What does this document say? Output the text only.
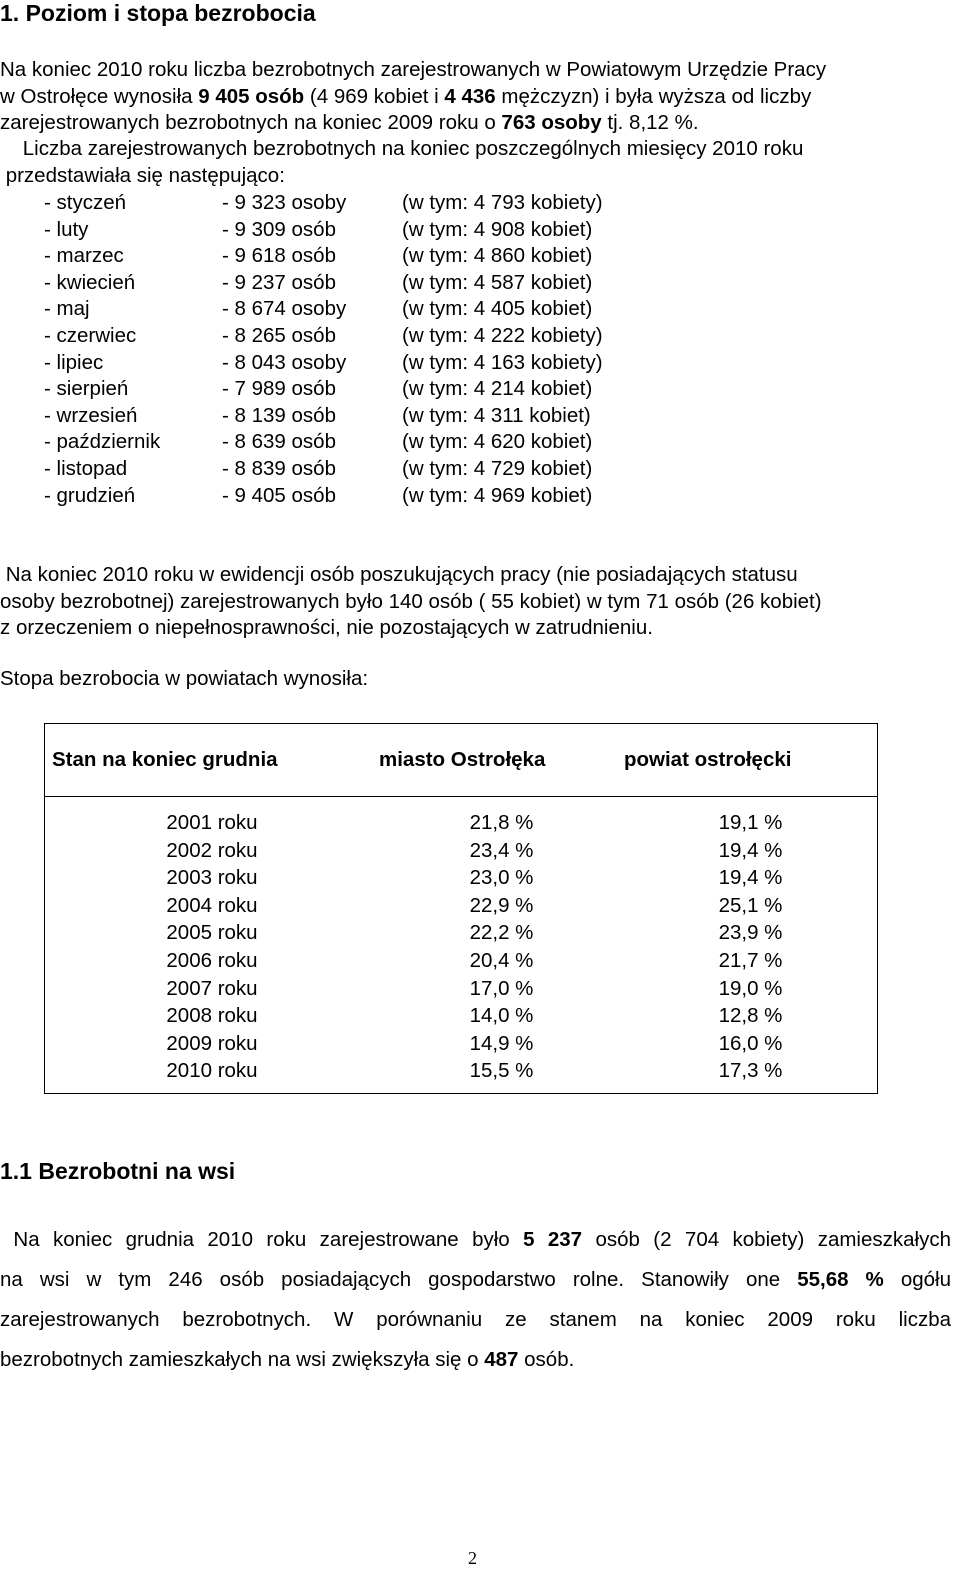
1. Poziom i stopa bezrobocia
Na koniec 2010 roku liczba bezrobotnych zarejestrowanych w Powiatowym Urzędzie Pracy
w Ostrołęce wynosiła 9 405 osób (4 969 kobiet i 4 436 mężczyzn) i była wyższa od liczby
zarejestrowanych bezrobotnych na koniec 2009 roku o 763 osoby tj. 8,12 %.
Liczba zarejestrowanych bezrobotnych na koniec poszczególnych miesięcy 2010 roku
przedstawiała się następująco:
- styczeń	- 9 323 osoby	(w tym: 4 793 kobiety)
- luty	- 9 309 osób	(w tym: 4 908 kobiet)
- marzec	- 9 618 osób	(w tym: 4 860 kobiet)
- kwiecień	- 9 237 osób	(w tym: 4 587 kobiet)
- maj	- 8 674 osoby	(w tym: 4 405 kobiet)
- czerwiec	- 8 265 osób	(w tym: 4 222 kobiety)
- lipiec	- 8 043 osoby	(w tym: 4 163 kobiety)
- sierpień	- 7 989 osób	(w tym: 4 214 kobiet)
- wrzesień	- 8 139 osób	(w tym: 4 311 kobiet)
- październik	- 8 639 osób	(w tym: 4 620 kobiet)
- listopad	- 8 839 osób	(w tym: 4 729 kobiet)
- grudzień	- 9 405 osób	(w tym: 4 969 kobiet)
Na koniec 2010 roku w ewidencji osób poszukujących pracy (nie posiadających statusu
osoby bezrobotnej) zarejestrowanych było 140 osób ( 55 kobiet) w tym 71 osób (26 kobiet)
z orzeczeniem o niepełnosprawności, nie pozostających w zatrudnieniu.
Stopa bezrobocia w powiatach wynosiła:
Stan na koniec grudnia	miasto Ostrołęka	powiat ostrołęcki
2001 roku	21,8 %	19,1 %
2002 roku	23,4 %	19,4 %
2003 roku	23,0 %	19,4 %
2004 roku	22,9 %	25,1 %
2005 roku	22,2 %	23,9 %
2006 roku	20,4 %	21,7 %
2007 roku	17,0 %	19,0 %
2008 roku	14,0 %	12,8 %
2009 roku	14,9 %	16,0 %
2010 roku	15,5 %	17,3 %
1.1 Bezrobotni na wsi
Na koniec grudnia 2010 roku zarejestrowane było 5 237 osób (2 704 kobiety) zamieszkałych
na wsi w tym 246 osób posiadających gospodarstwo rolne. Stanowiły one 55,68 % ogółu
zarejestrowanych bezrobotnych. W porównaniu ze stanem na koniec 2009 roku liczba
bezrobotnych zamieszkałych na wsi zwiększyła się o 487 osób.
2
